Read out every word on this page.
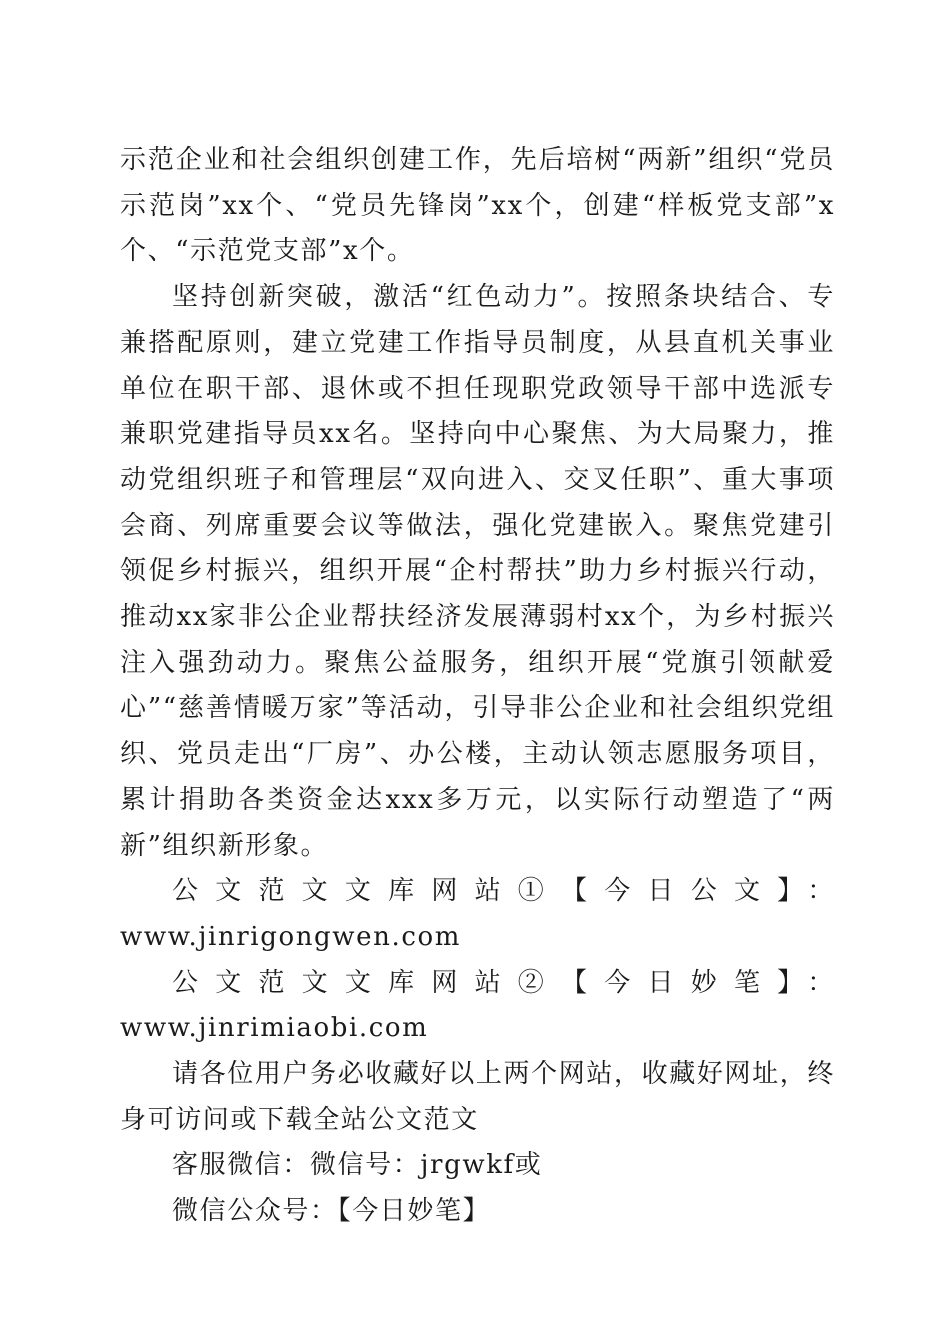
示范企业和社会组织创建工作，先后培树“两新”组织“党员示范岗”xx个、“党员先锋岗”xx个，创建“样板党支部”x个、“示范党支部”x个。

坚持创新突破，激活“红色动力”。按照条块结合、专兼搭配原则，建立党建工作指导员制度，从县直机关事业单位在职干部、退休或不担任现职党政领导干部中选派专兼职党建指导员xx名。坚持向中心聚焦、为大局聚力，推动党组织班子和管理层“双向进入、交叉任职”、重大事项会商、列席重要会议等做法，强化党建嵌入。聚焦党建引领促乡村振兴，组织开展“企村帮扶”助力乡村振兴行动，推动xx家非公企业帮扶经济发展薄弱村xx个，为乡村振兴注入强劲动力。聚焦公益服务，组织开展“党旗引领献爱心”“慈善情暖万家”等活动，引导非公企业和社会组织党组织、党员走出“厂房”、办公楼，主动认领志愿服务项目，累计捐助各类资金达xxx多万元，以实际行动塑造了“两新”组织新形象。

公文范文文库网站①【今日公文】：

www.jinrigongwen.com

公文范文文库网站②【今日妙笔】：www.jinrimiaobi.com

请各位用户务必收藏好以上两个网站，收藏好网址，终身可访问或下载全站公文范文

客服微信：微信号：jrgwkf或

微信公众号：【今日妙笔】
